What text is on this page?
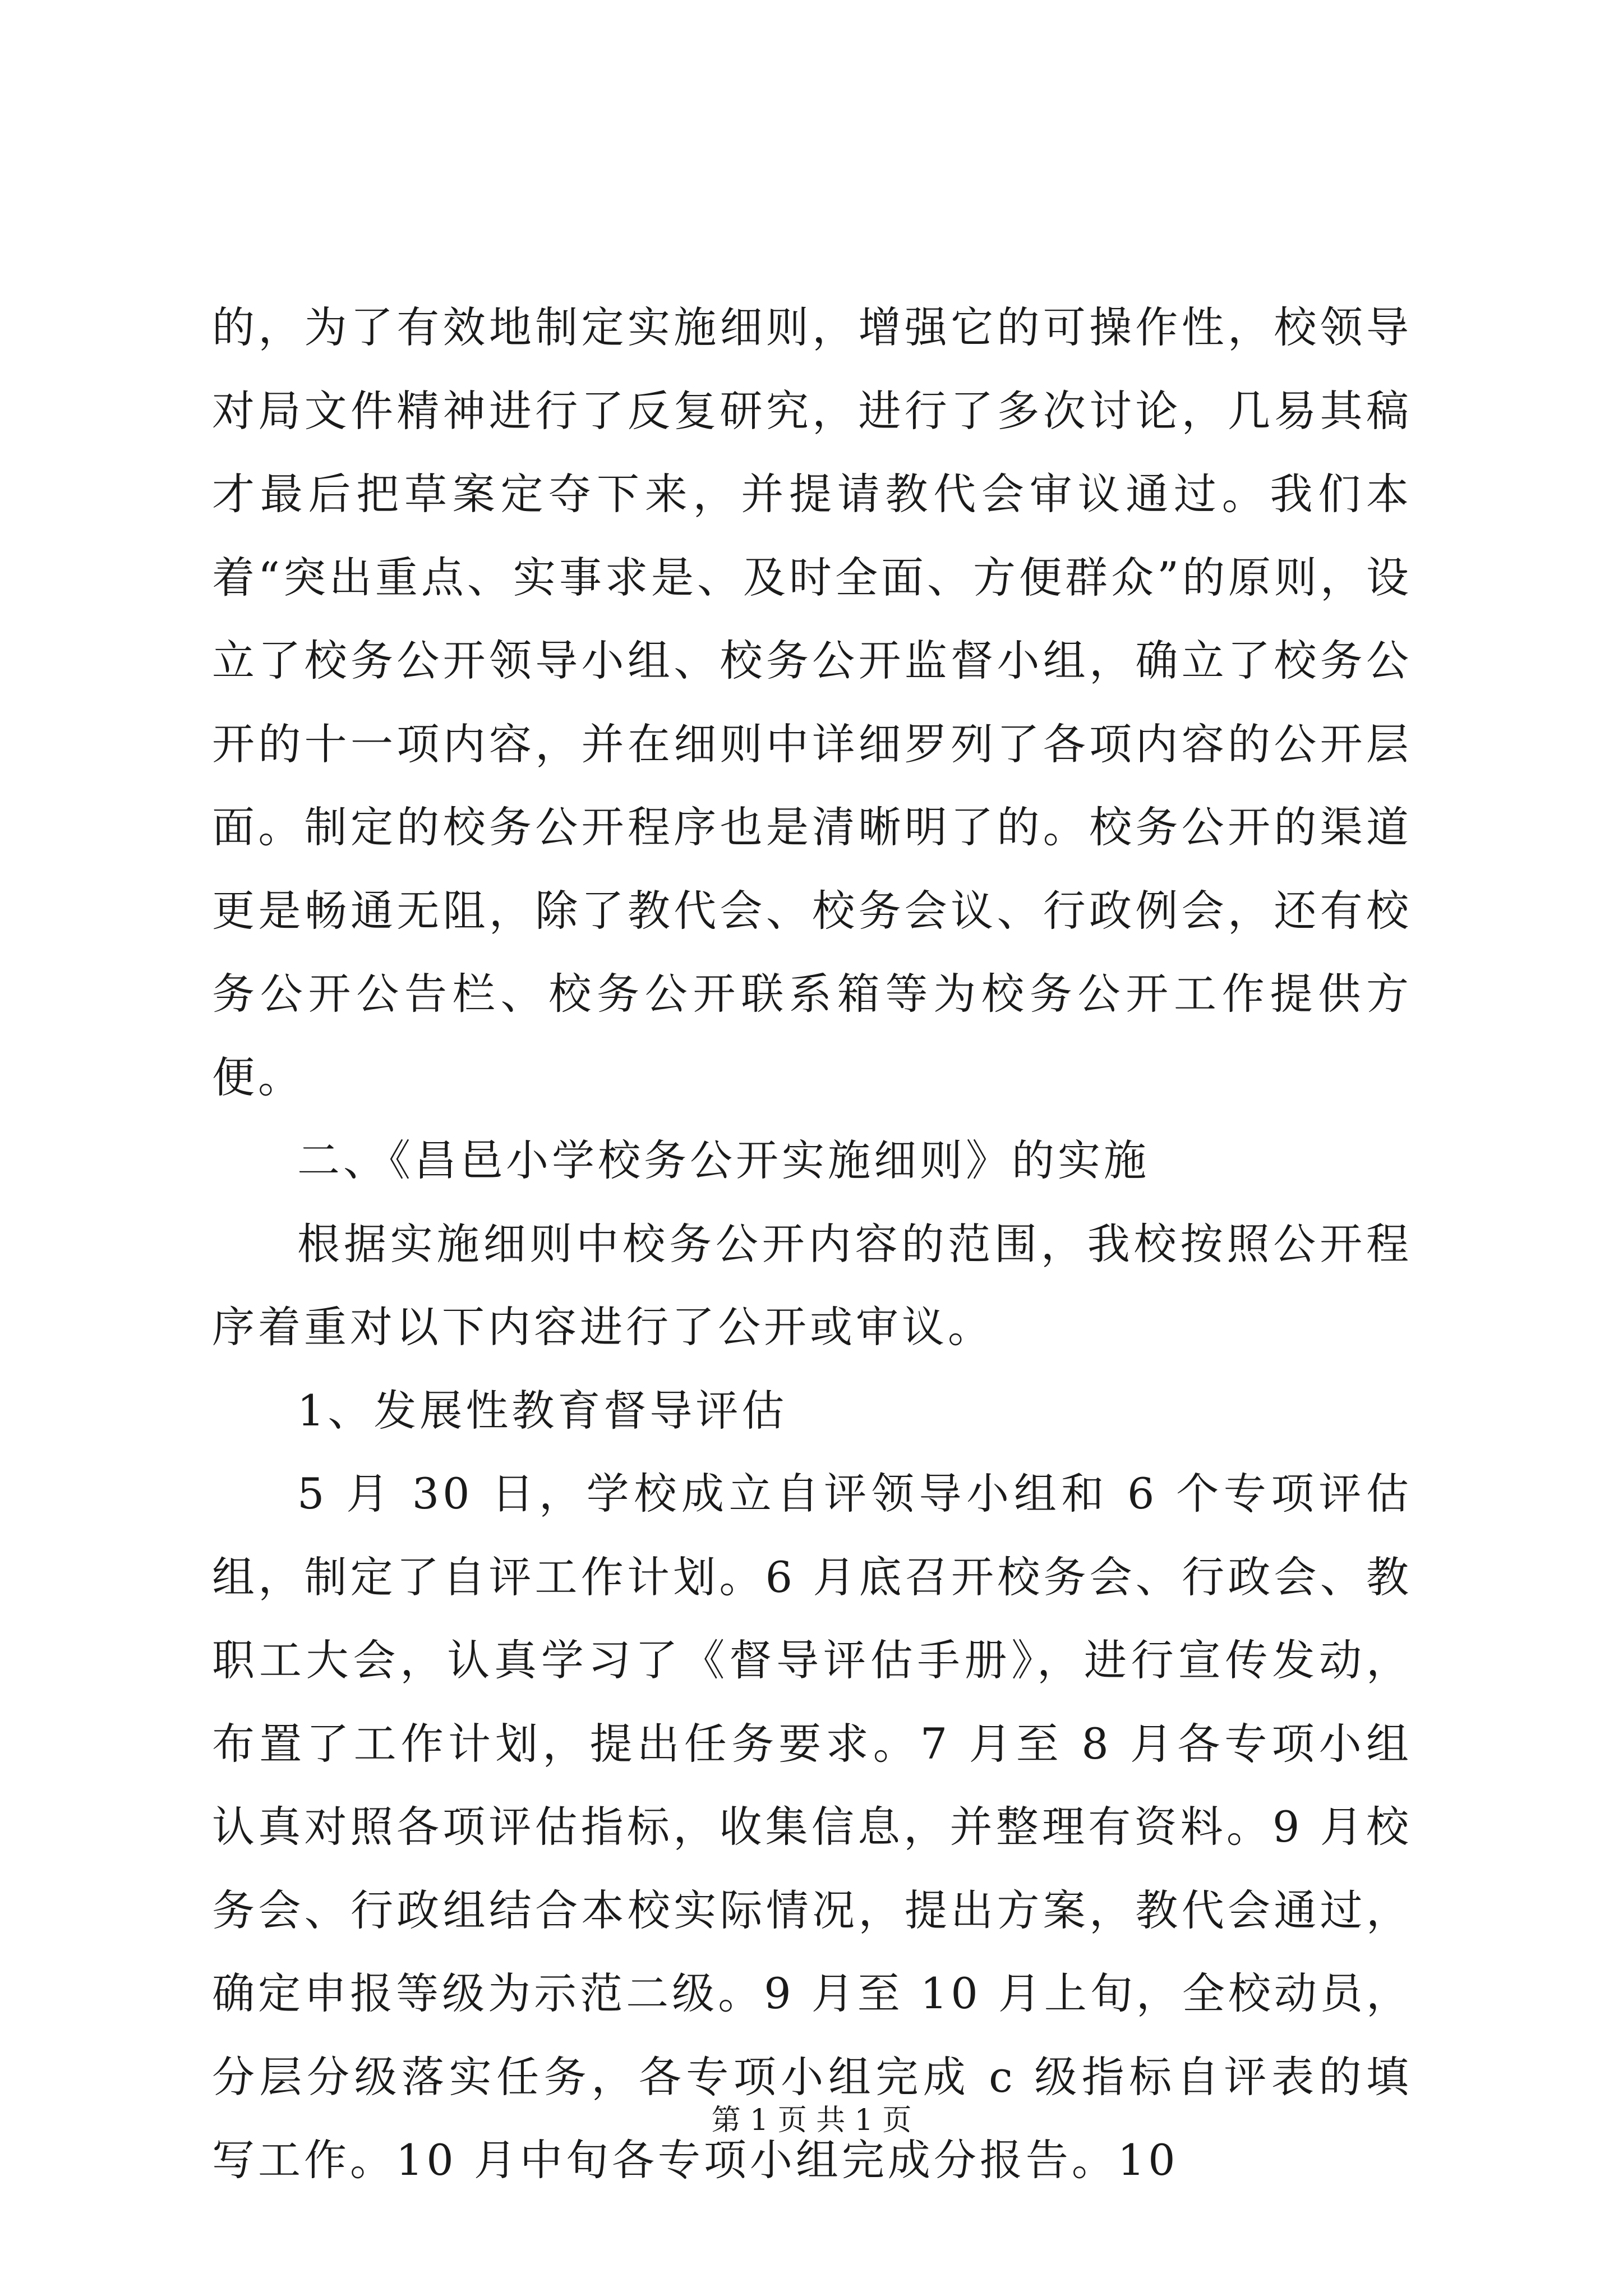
的，为了有效地制定实施细则，增强它的可操作性，校领导对局文件精神进行了反复研究，进行了多次讨论，几易其稿才最后把草案定夺下来，并提请教代会审议通过。我们本着“突出重点、实事求是、及时全面、方便群众”的原则，设立了校务公开领导小组、校务公开监督小组，确立了校务公开的十一项内容，并在细则中详细罗列了各项内容的公开层面。制定的校务公开程序也是清晰明了的。校务公开的渠道更是畅通无阻，除了教代会、校务会议、行政例会，还有校务公开公告栏、校务公开联系箱等为校务公开工作提供方便。

二、《昌邑小学校务公开实施细则》的实施

根据实施细则中校务公开内容的范围，我校按照公开程序着重对以下内容进行了公开或审议。

1、发展性教育督导评估

5 月 30 日，学校成立自评领导小组和 6 个专项评估组，制定了自评工作计划。6 月底召开校务会、行政会、教职工大会，认真学习了《督导评估手册》，进行宣传发动，布置了工作计划，提出任务要求。7 月至 8 月各专项小组认真对照各项评估指标，收集信息，并整理有资料。9 月校务会、行政组结合本校实际情况，提出方案，教代会通过，确定申报等级为示范二级。9 月至 10 月上旬，全校动员，分层分级落实任务，各专项小组完成 c 级指标自评表的填写工作。10 月中旬各专项小组完成分报告。10

第 1 页 共 1 页
